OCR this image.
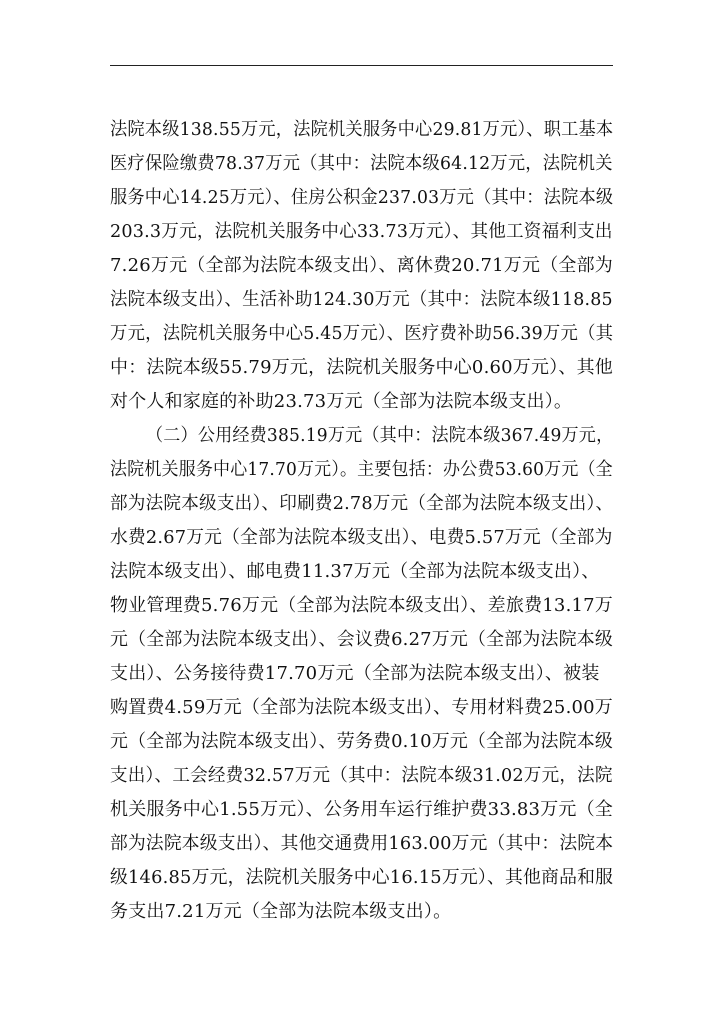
法院本级138.55万元，法院机关服务中心29.81万元）、职工基本
医疗保险缴费78.37万元（其中：法院本级64.12万元，法院机关
服务中心14.25万元）、住房公积金237.03万元（其中：法院本级
203.3万元，法院机关服务中心33.73万元）、其他工资福利支出
7.26万元（全部为法院本级支出）、离休费20.71万元（全部为
法院本级支出）、生活补助124.30万元（其中：法院本级118.85
万元，法院机关服务中心5.45万元）、医疗费补助56.39万元（其
中：法院本级55.79万元，法院机关服务中心0.60万元）、其他
对个人和家庭的补助23.73万元（全部为法院本级支出）。
（二）公用经费385.19万元（其中：法院本级367.49万元，
法院机关服务中心17.70万元）。主要包括：办公费53.60万元（全
部为法院本级支出）、印刷费2.78万元（全部为法院本级支出）、
水费2.67万元（全部为法院本级支出）、电费5.57万元（全部为
法院本级支出）、邮电费11.37万元（全部为法院本级支出）、
物业管理费5.76万元（全部为法院本级支出）、差旅费13.17万
元（全部为法院本级支出）、会议费6.27万元（全部为法院本级
支出）、公务接待费17.70万元（全部为法院本级支出）、被装
购置费4.59万元（全部为法院本级支出）、专用材料费25.00万
元（全部为法院本级支出）、劳务费0.10万元（全部为法院本级
支出）、工会经费32.57万元（其中：法院本级31.02万元，法院
机关服务中心1.55万元）、公务用车运行维护费33.83万元（全
部为法院本级支出）、其他交通费用163.00万元（其中：法院本
级146.85万元，法院机关服务中心16.15万元）、其他商品和服
务支出7.21万元（全部为法院本级支出）。
